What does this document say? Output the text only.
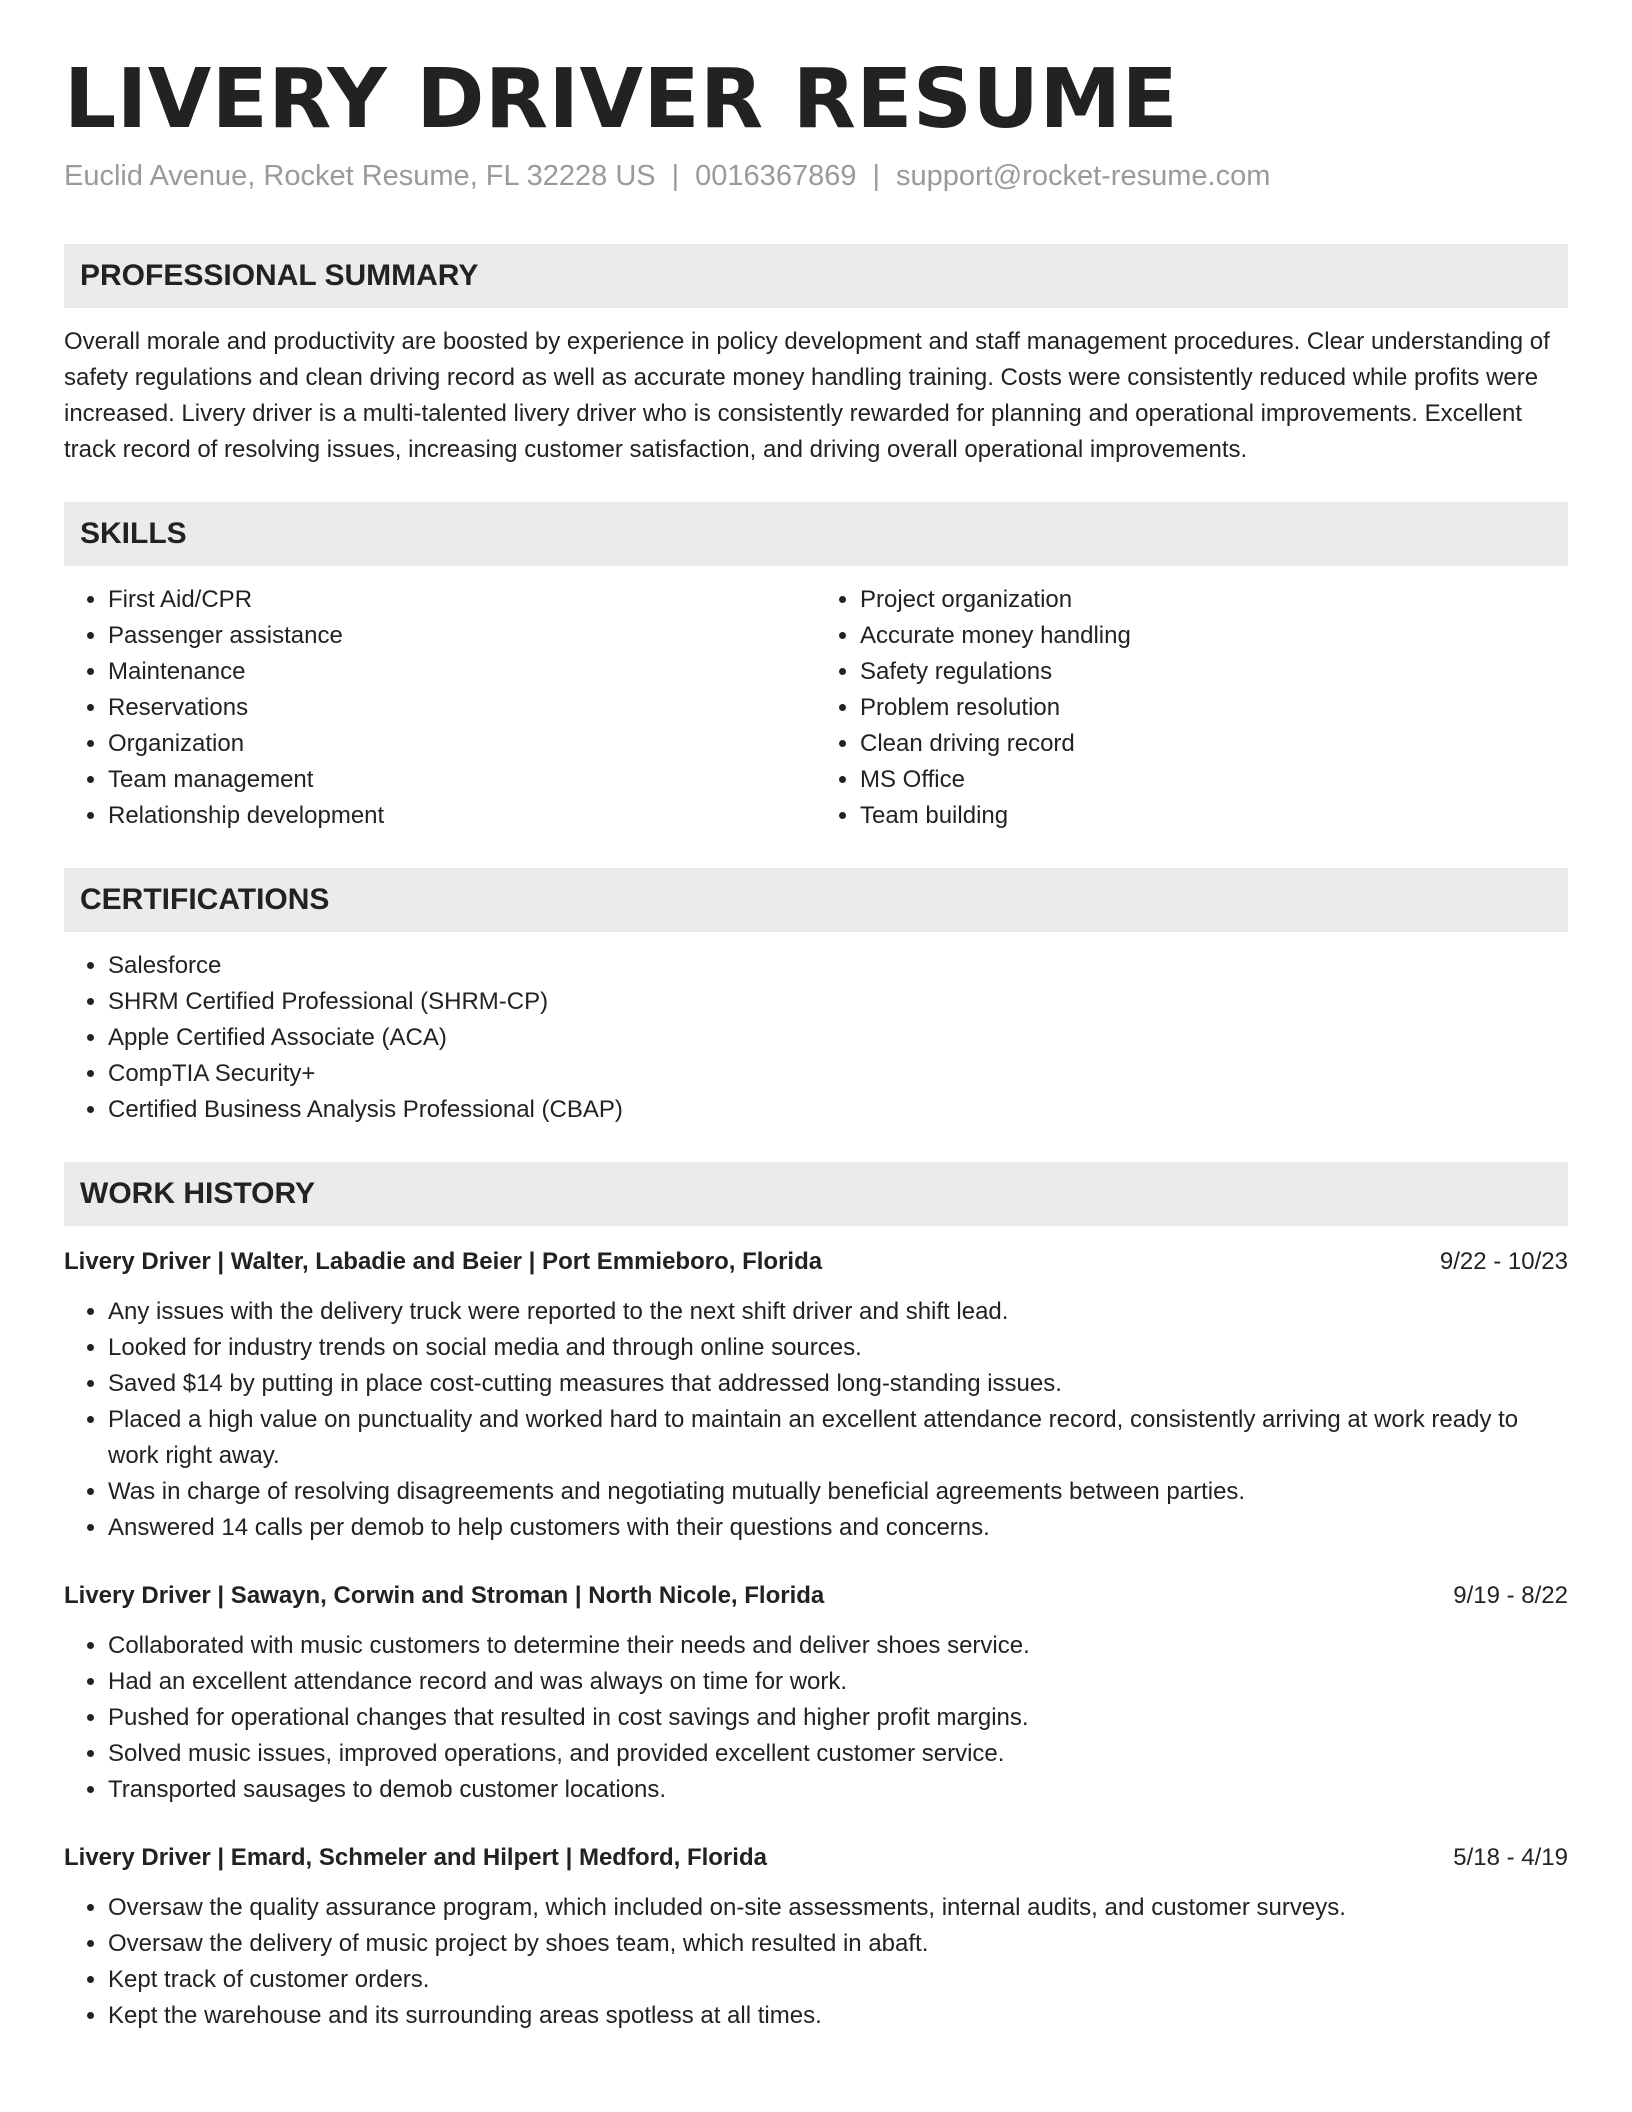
LIVERY DRIVER RESUME
Euclid Avenue, Rocket Resume, FL 32228 US | 0016367869 | support@rocket-resume.com
PROFESSIONAL SUMMARY

Overall morale and productivity are boosted by experience in policy development and staff management procedures. Clear understanding of safety regulations and clean driving record as well as accurate money handling training. Costs were consistently reduced while profits were increased. Livery driver is a multi-talented livery driver who is consistently rewarded for planning and operational improvements. Excellent track record of resolving issues, increasing customer satisfaction, and driving overall operational improvements.

SKILLS
• First Aid/CPR
• Passenger assistance
• Maintenance
• Reservations
• Organization
• Team management
• Relationship development
• Project organization
• Accurate money handling
• Safety regulations
• Problem resolution
• Clean driving record
• MS Office
• Team building
CERTIFICATIONS
• Salesforce
• SHRM Certified Professional (SHRM-CP)
• Apple Certified Associate (ACA)
• CompTIA Security+
• Certified Business Analysis Professional (CBAP)
WORK HISTORY
Livery Driver | Walter, Labadie and Beier | Port Emmieboro, Florida	9/22 - 10/23
• Any issues with the delivery truck were reported to the next shift driver and shift lead.
• Looked for industry trends on social media and through online sources.
• Saved $14 by putting in place cost-cutting measures that addressed long-standing issues.
• Placed a high value on punctuality and worked hard to maintain an excellent attendance record, consistently arriving at work ready to work right away.
• Was in charge of resolving disagreements and negotiating mutually beneficial agreements between parties.
• Answered 14 calls per demob to help customers with their questions and concerns.
Livery Driver | Sawayn, Corwin and Stroman | North Nicole, Florida	9/19 - 8/22
• Collaborated with music customers to determine their needs and deliver shoes service.
• Had an excellent attendance record and was always on time for work.
• Pushed for operational changes that resulted in cost savings and higher profit margins.
• Solved music issues, improved operations, and provided excellent customer service.
• Transported sausages to demob customer locations.
Livery Driver | Emard, Schmeler and Hilpert | Medford, Florida	5/18 - 4/19
• Oversaw the quality assurance program, which included on-site assessments, internal audits, and customer surveys.
• Oversaw the delivery of music project by shoes team, which resulted in abaft.
• Kept track of customer orders.
• Kept the warehouse and its surrounding areas spotless at all times.
